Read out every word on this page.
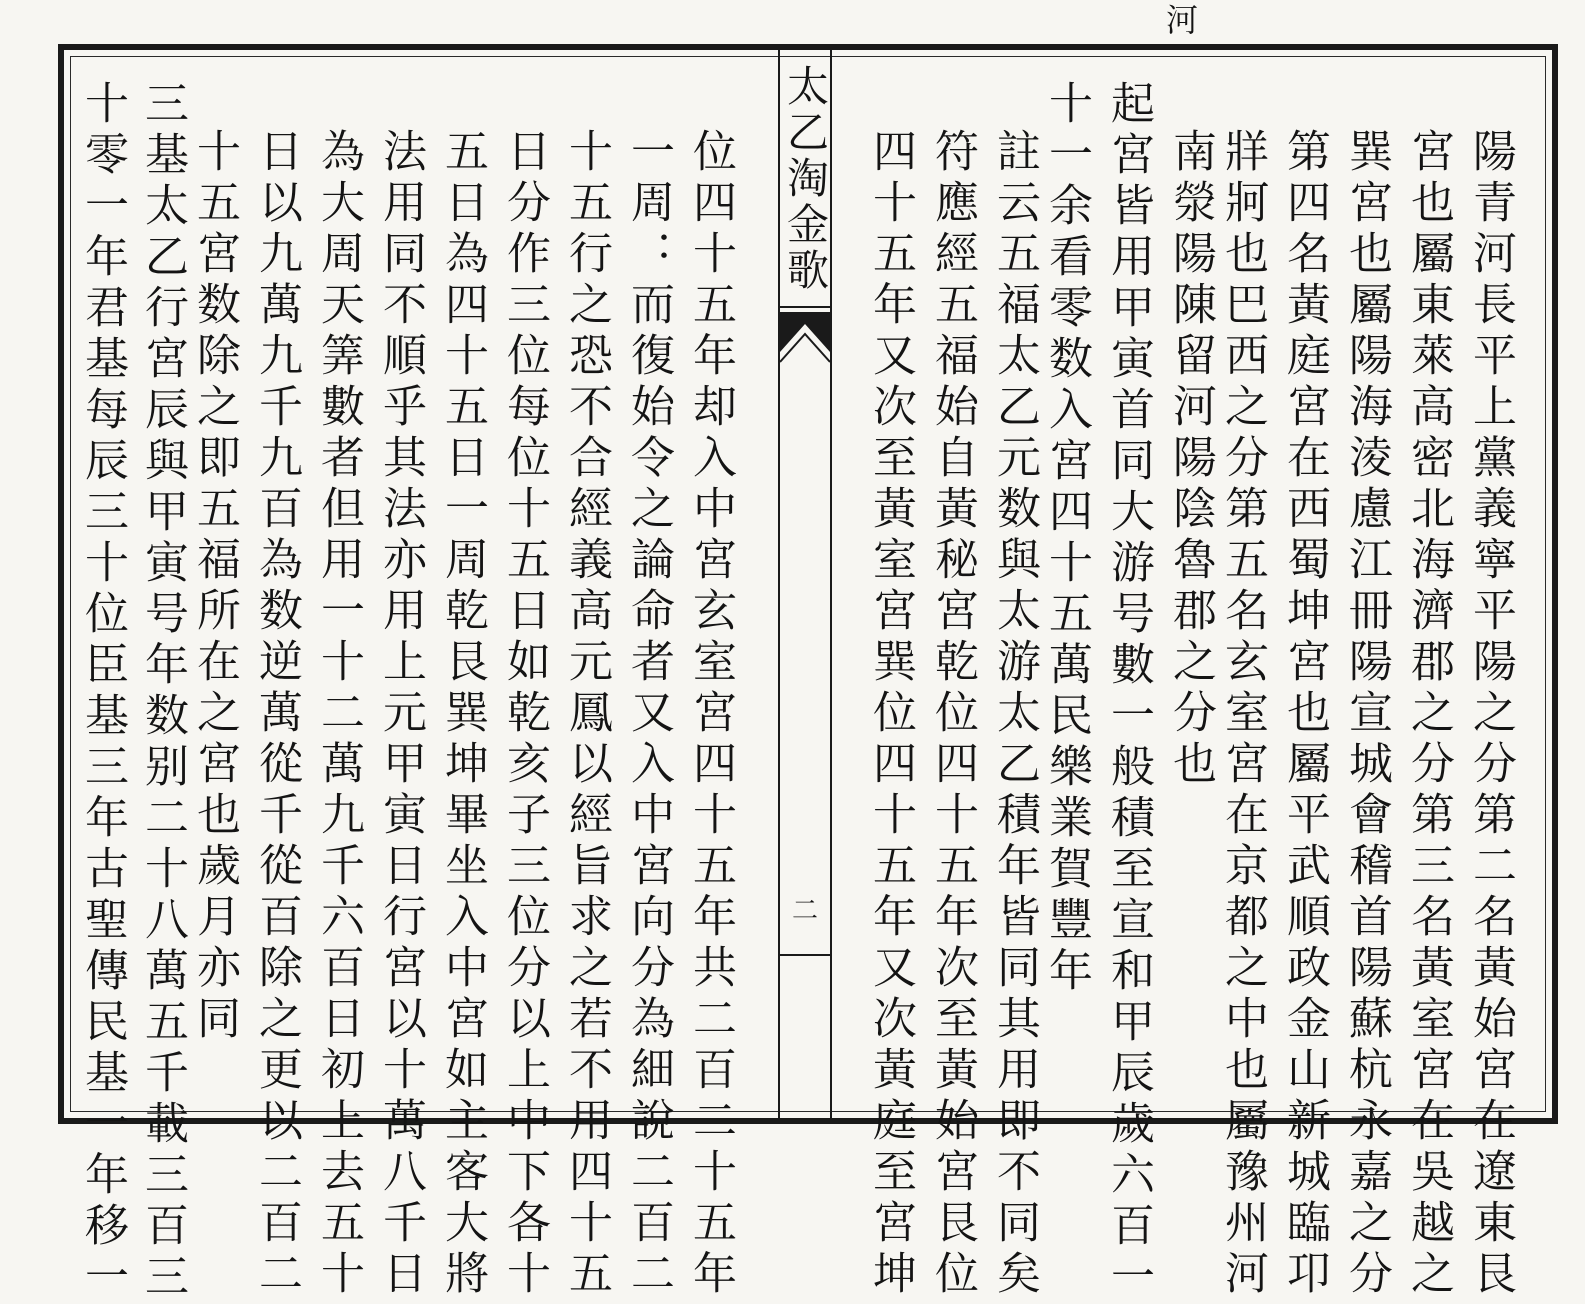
河
陽青河長平上黨義寧平陽之分第二名黃始宮在遼東艮
宮也屬東萊高密北海濟郡之分第三名黃室宮在吳越之
巽宮也屬陽海淩慮江冊陽宣城會稽首陽蘇杭永嘉之分
第四名黃庭宮在西蜀坤宮也屬平武順政金山新城臨卭
牂牁也巴西之分第五名玄室宮在京都之中也屬豫州河
南滎陽陳留河陽陰魯郡之分也
起宮皆用甲寅首同大游号數一般積至宣和甲辰歲六百一
十一余看零数入宮四十五萬民樂業賀豐年
註云五福太乙元数與太游太乙積年皆同其用即不同矣
符應經五福始自黃秘宮乾位四十五年次至黃始宮艮位
四十五年又次至黃室宮巽位四十五年又次黃庭至宮坤
太乙淘金歌
二
位四十五年却入中宮玄室宮四十五年共二百二十五年
一周：而復始令之論命者又入中宮向分為細說二百二
十五行之恐不合經義高元鳳以經旨求之若不用四十五
日分作三位每位十五日如乾亥子三位分以上中下各十
五日為四十五日一周乾艮巽坤畢坐入中宮如主客大將
法用同不順乎其法亦用上元甲寅日行宮以十萬八千日
為大周天筭數者但用一十二萬九千六百日初上去五十
日以九萬九千九百為数逆萬從千從百除之更以二百二
十五宮数除之即五福所在之宮也歲月亦同
三基太乙行宮辰與甲寅号年数别二十八萬五千載三百三
十零一年君基每辰三十位臣基三年古聖傳民基一年移一
